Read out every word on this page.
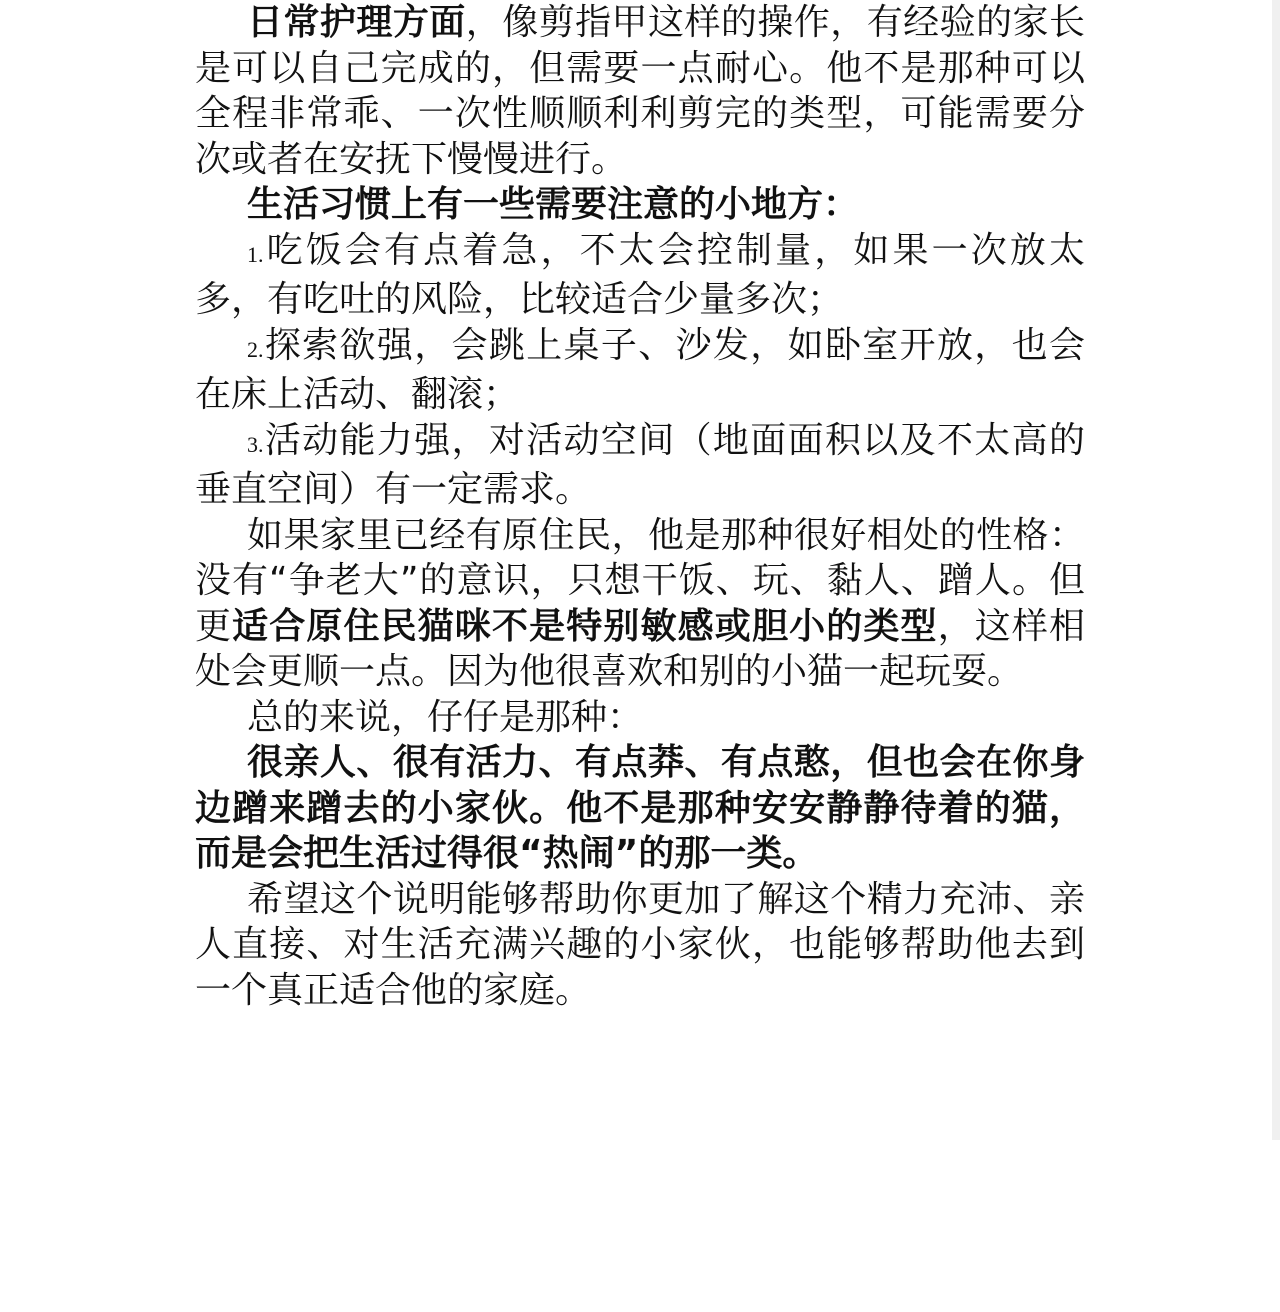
日常护理方面，像剪指甲这样的操作，有经验的家长是可以自己完成的，但需要一点耐心。他不是那种可以全程非常乖、一次性顺顺利利剪完的类型，可能需要分次或者在安抚下慢慢进行。

生活习惯上有一些需要注意的小地方：

1.吃饭会有点着急，不太会控制量，如果一次放太多，有吃吐的风险，比较适合少量多次；

2.探索欲强，会跳上桌子、沙发，如卧室开放，也会在床上活动、翻滚；

3.活动能力强，对活动空间（地面面积以及不太高的垂直空间）有一定需求。

如果家里已经有原住民，他是那种很好相处的性格：没有“争老大”的意识，只想干饭、玩、黏人、蹭人。但更适合原住民猫咪不是特别敏感或胆小的类型，这样相处会更顺一点。因为他很喜欢和别的小猫一起玩耍。

总的来说，仔仔是那种：

很亲人、很有活力、有点莽、有点憨，但也会在你身边蹭来蹭去的小家伙。他不是那种安安静静待着的猫，而是会把生活过得很“热闹”的那一类。

希望这个说明能够帮助你更加了解这个精力充沛、亲人直接、对生活充满兴趣的小家伙，也能够帮助他去到一个真正适合他的家庭。
